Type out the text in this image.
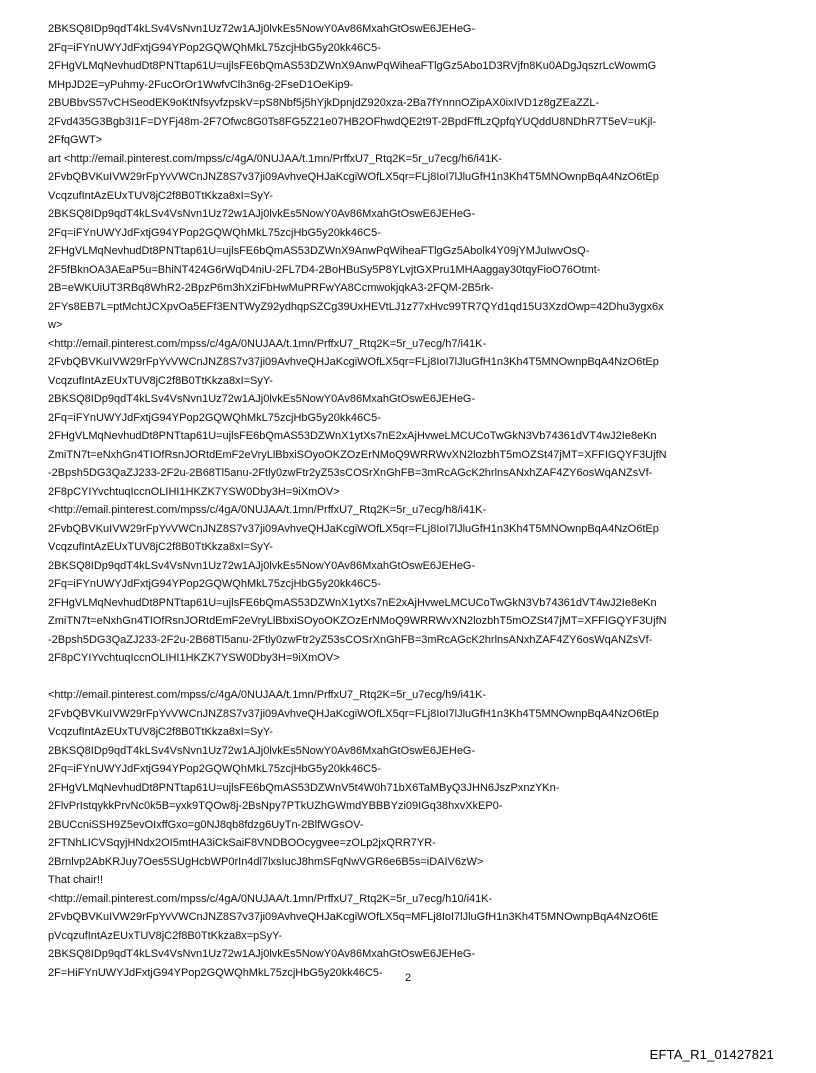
2BKSQ8IDp9qdT4kLSv4VsNvn1Uz72w1AJj0lvkEs5NowY0Av86MxahGtOswE6JEHeG-
2Fq=iFYnUWYJdFxtjG94YPop2GQWQhMkL75zcjHbG5y20kk46C5-
2FHgVLMqNevhudDt8PNTtap61U=ujlsFE6bQmAS53DZWnX9AnwPqWiheaFTlgGz5Abo1D3RVjfn8Ku0ADgJqszrLcWowmG
MHpJD2E=yPuhmy-2FucOrOr1WwfvClh3n6g-2FseD1OeKip9-
2BUBbvS57vCHSeodEK9oKtNfsyvfzpskV=pS8Nbf5j5hYjkDpnjdZ920xza-2Ba7fYnnnOZipAX0ixIVD1z8gZEaZZL-
2Fvd435G3Bgb3I1F=DYFj48m-2F7Ofwc8G0Ts8FG5Z21e07HB2OFhwdQE2t9T-2BpdFffLzQpfqYUQddU8NDhR7T5eV=uKjl-
2FfqGWT>
art <http://email.pinterest.com/mpss/c/4gA/0NUJAA/t.1mn/PrffxU7_Rtq2K=5r_u7ecg/h6/i41K-
2FvbQBVKuIVW29rFpYvVWCnJNZ8S7v37ji09AvhveQHJaKcgiWOfLX5qr=FLj8IoI7lJluGfH1n3Kh4T5MNOwnpBqA4NzO6tEp
VcqzufIntAzEUxTUV8jC2f8B0TtKkza8xI=SyY-
2BKSQ8IDp9qdT4kLSv4VsNvn1Uz72w1AJj0lvkEs5NowY0Av86MxahGtOswE6JEHeG-
2Fq=iFYnUWYJdFxtjG94YPop2GQWQhMkL75zcjHbG5y20kk46C5-
2FHgVLMqNevhudDt8PNTtap61U=ujlsFE6bQmAS53DZWnX9AnwPqWiheaFTlgGz5Abolk4Y09jYMJuIwvOsQ-
2F5fBknOA3AEaP5u=BhiNT424G6rWqD4niU-2FL7D4-2BoHBuSy5P8YLvjtGXPru1MHAaggay30tqyFioO76Otmt-
2B=eWKUiUT3RBq8WhR2-2BpzP6m3hXziFbHwMuPRFwYA8CcmwokjqkA3-2FQM-2B5rk-
2FYs8EB7L=ptMchtJCXpvOa5EFf3ENTWyZ92ydhqpSZCg39UxHEVtLJ1z77xHvc99TR7QYd1qd15U3XzdOwp=42Dhu3ygx6x
w>
<http://email.pinterest.com/mpss/c/4gA/0NUJAA/t.1mn/PrffxU7_Rtq2K=5r_u7ecg/h7/i41K-
2FvbQBVKuIVW29rFpYvVWCnJNZ8S7v37ji09AvhveQHJaKcgiWOfLX5qr=FLj8IoI7lJluGfH1n3Kh4T5MNOwnpBqA4NzO6tEp
VcqzufIntAzEUxTUV8jC2f8B0TtKkza8xI=SyY-
2BKSQ8IDp9qdT4kLSv4VsNvn1Uz72w1AJj0lvkEs5NowY0Av86MxahGtOswE6JEHeG-
2Fq=iFYnUWYJdFxtjG94YPop2GQWQhMkL75zcjHbG5y20kk46C5-
2FHgVLMqNevhudDt8PNTtap61U=ujlsFE6bQmAS53DZWnX1ytXs7nE2xAjHvweLMCUCoTwGkN3Vb74361dVT4wJ2Ie8eKn
ZmiTN7t=eNxhGn4TIOfRsnJORtdEmF2eVryLlBbxiSOyoOKZOzErNMoQ9WRRWvXN2lozbhT5mOZSt47jMT=XFFIGQYF3UjfN
-2Bpsh5DG3QaZJ233-2F2u-2B68Tl5anu-2Ftly0zwFtr2yZ53sCOSrXnGhFB=3mRcAGcK2hrlnsANxhZAF4ZY6osWqANZsVf-
2F8pCYIYvchtuqIccnOLIHI1HKZK7YSW0Dby3H=9iXmOV>
<http://email.pinterest.com/mpss/c/4gA/0NUJAA/t.1mn/PrffxU7_Rtq2K=5r_u7ecg/h8/i41K-
2FvbQBVKuIVW29rFpYvVWCnJNZ8S7v37ji09AvhveQHJaKcgiWOfLX5qr=FLj8IoI7lJluGfH1n3Kh4T5MNOwnpBqA4NzO6tEp
VcqzufIntAzEUxTUV8jC2f8B0TtKkza8xI=SyY-
2BKSQ8IDp9qdT4kLSv4VsNvn1Uz72w1AJj0lvkEs5NowY0Av86MxahGtOswE6JEHeG-
2Fq=iFYnUWYJdFxtjG94YPop2GQWQhMkL75zcjHbG5y20kk46C5-
2FHgVLMqNevhudDt8PNTtap61U=ujlsFE6bQmAS53DZWnX1ytXs7nE2xAjHvweLMCUCoTwGkN3Vb74361dVT4wJ2Ie8eKn
ZmiTN7t=eNxhGn4TIOfRsnJORtdEmF2eVryLlBbxiSOyoOKZOzErNMoQ9WRRWvXN2lozbhT5mOZSt47jMT=XFFIGQYF3UjfN
-2Bpsh5DG3QaZJ233-2F2u-2B68Tl5anu-2Ftly0zwFtr2yZ53sCOSrXnGhFB=3mRcAGcK2hrlnsANxhZAF4ZY6osWqANZsVf-
2F8pCYIYvchtuqIccnOLIHI1HKZK7YSW0Dby3H=9iXmOV>
<http://email.pinterest.com/mpss/c/4gA/0NUJAA/t.1mn/PrffxU7_Rtq2K=5r_u7ecg/h9/i41K-
2FvbQBVKuIVW29rFpYvVWCnJNZ8S7v37ji09AvhveQHJaKcgiWOfLX5qr=FLj8IoI7lJluGfH1n3Kh4T5MNOwnpBqA4NzO6tEp
VcqzufIntAzEUxTUV8jC2f8B0TtKkza8xI=SyY-
2BKSQ8IDp9qdT4kLSv4VsNvn1Uz72w1AJj0lvkEs5NowY0Av86MxahGtOswE6JEHeG-
2Fq=iFYnUWYJdFxtjG94YPop2GQWQhMkL75zcjHbG5y20kk46C5-
2FHgVLMqNevhudDt8PNTtap61U=ujlsFE6bQmAS53DZWnV5t4W0h71bX6TaMByQ3JHN6JszPxnzYKn-
2FlvPrIstqykkPrvNc0k5B=yxk9TQOw8j-2BsNpy7PTkUZhGWmdYBBBYzi09IGq38hxvXkEP0-
2BUCcniSSH9Z5evOIxffGxo=g0NJ8qb8fdzg6UyTn-2BlfWGsOV-
2FTNhLICVSqyjHNdx2OI5mtHA3iCkSaiF8VNDBOOcygvee=zOLp2jxQRR7YR-
2Brnlvp2AbKRJuy7Oes5SUgHcbWP0rIn4dl7lxsIucJ8hmSFqNwVGR6e6B5s=iDAIV6zW>
That chair!!
<http://email.pinterest.com/mpss/c/4gA/0NUJAA/t.1mn/PrffxU7_Rtq2K=5r_u7ecg/h10/i41K-
2FvbQBVKuIVW29rFpYvVWCnJNZ8S7v37ji09AvhveQHJaKcgiWOfLX5q=MFLj8IoI7lJluGfH1n3Kh4T5MNOwnpBqA4NzO6tE
pVcqzufIntAzEUxTUV8jC2f8B0TtKkza8x=pSyY-
2BKSQ8IDp9qdT4kLSv4VsNvn1Uz72w1AJj0lvkEs5NowY0Av86MxahGtOswE6JEHeG-
2F=HiFYnUWYJdFxtjG94YPop2GQWQhMkL75zcjHbG5y20kk46C5-	2
EFTA_R1_01427821
